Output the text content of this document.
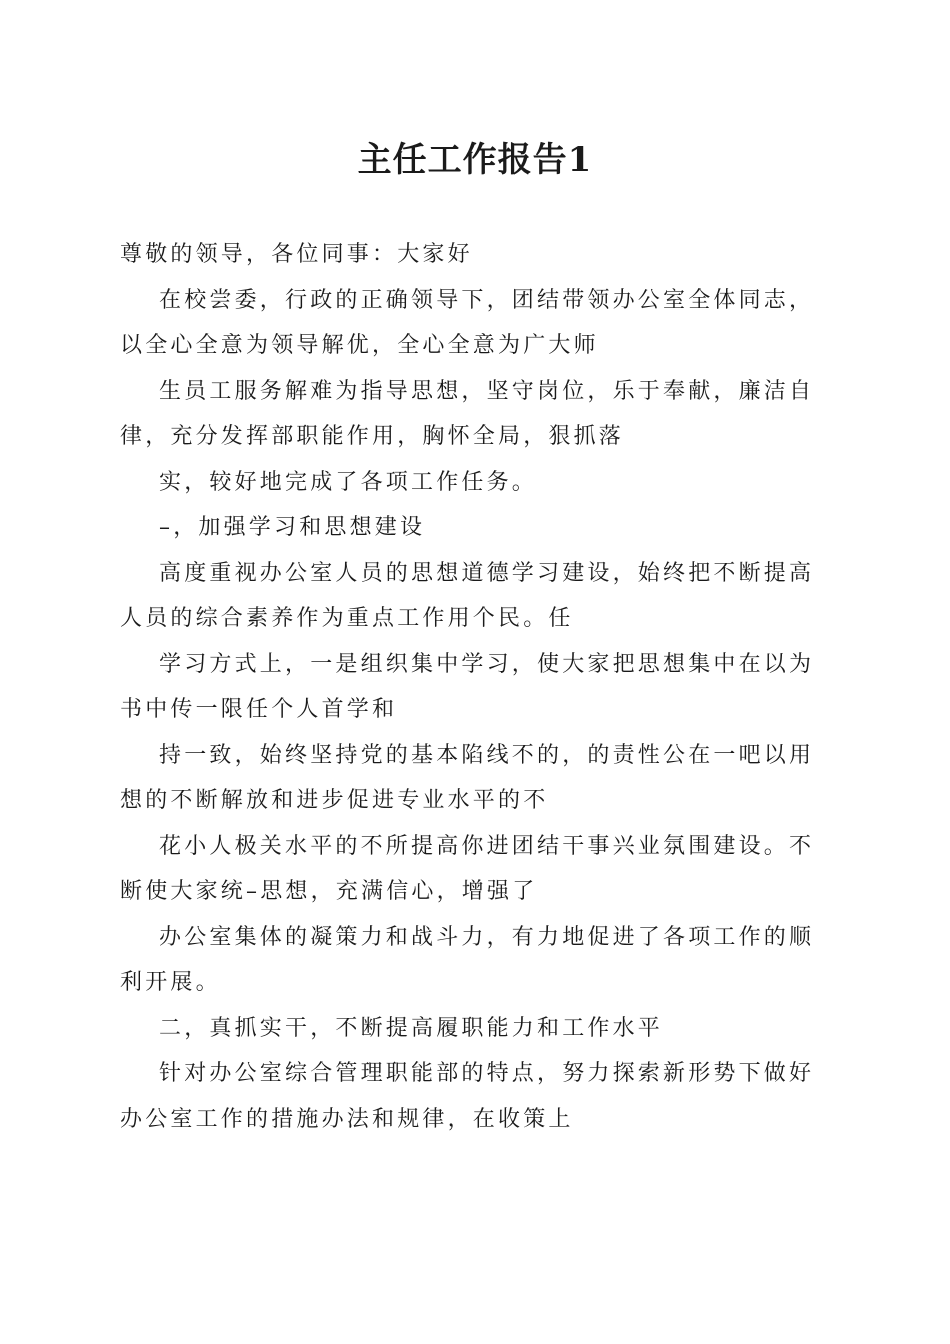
主任工作报告1

尊敬的领导，各位同事：大家好

在校尝委，行政的正确领导下，团结带领办公室全体同志，以全心全意为领导解优，全心全意为广大师

生员工服务解难为指导思想，坚守岗位，乐于奉献，廉洁自律，充分发挥部职能作用，胸怀全局，狠抓落

实，较好地完成了各项工作任务。

–，加强学习和思想建设

高度重视办公室人员的思想道德学习建设，始终把不断提高人员的综合素养作为重点工作用个民。任

学习方式上，一是组织集中学习，使大家把思想集中在以为书中传一限任个人首学和

持一致，始终坚持党的基本陷线不的，的责性公在一吧以用想的不断解放和进步促进专业水平的不

花小人极关水平的不所提高你进团结干事兴业氛围建设。不断使大家统–思想，充满信心，增强了

办公室集体的凝策力和战斗力，有力地促进了各项工作的顺利开展。

二，真抓实干，不断提高履职能力和工作水平

针对办公室综合管理职能部的特点，努力探索新形势下做好办公室工作的措施办法和规律，在收策上
